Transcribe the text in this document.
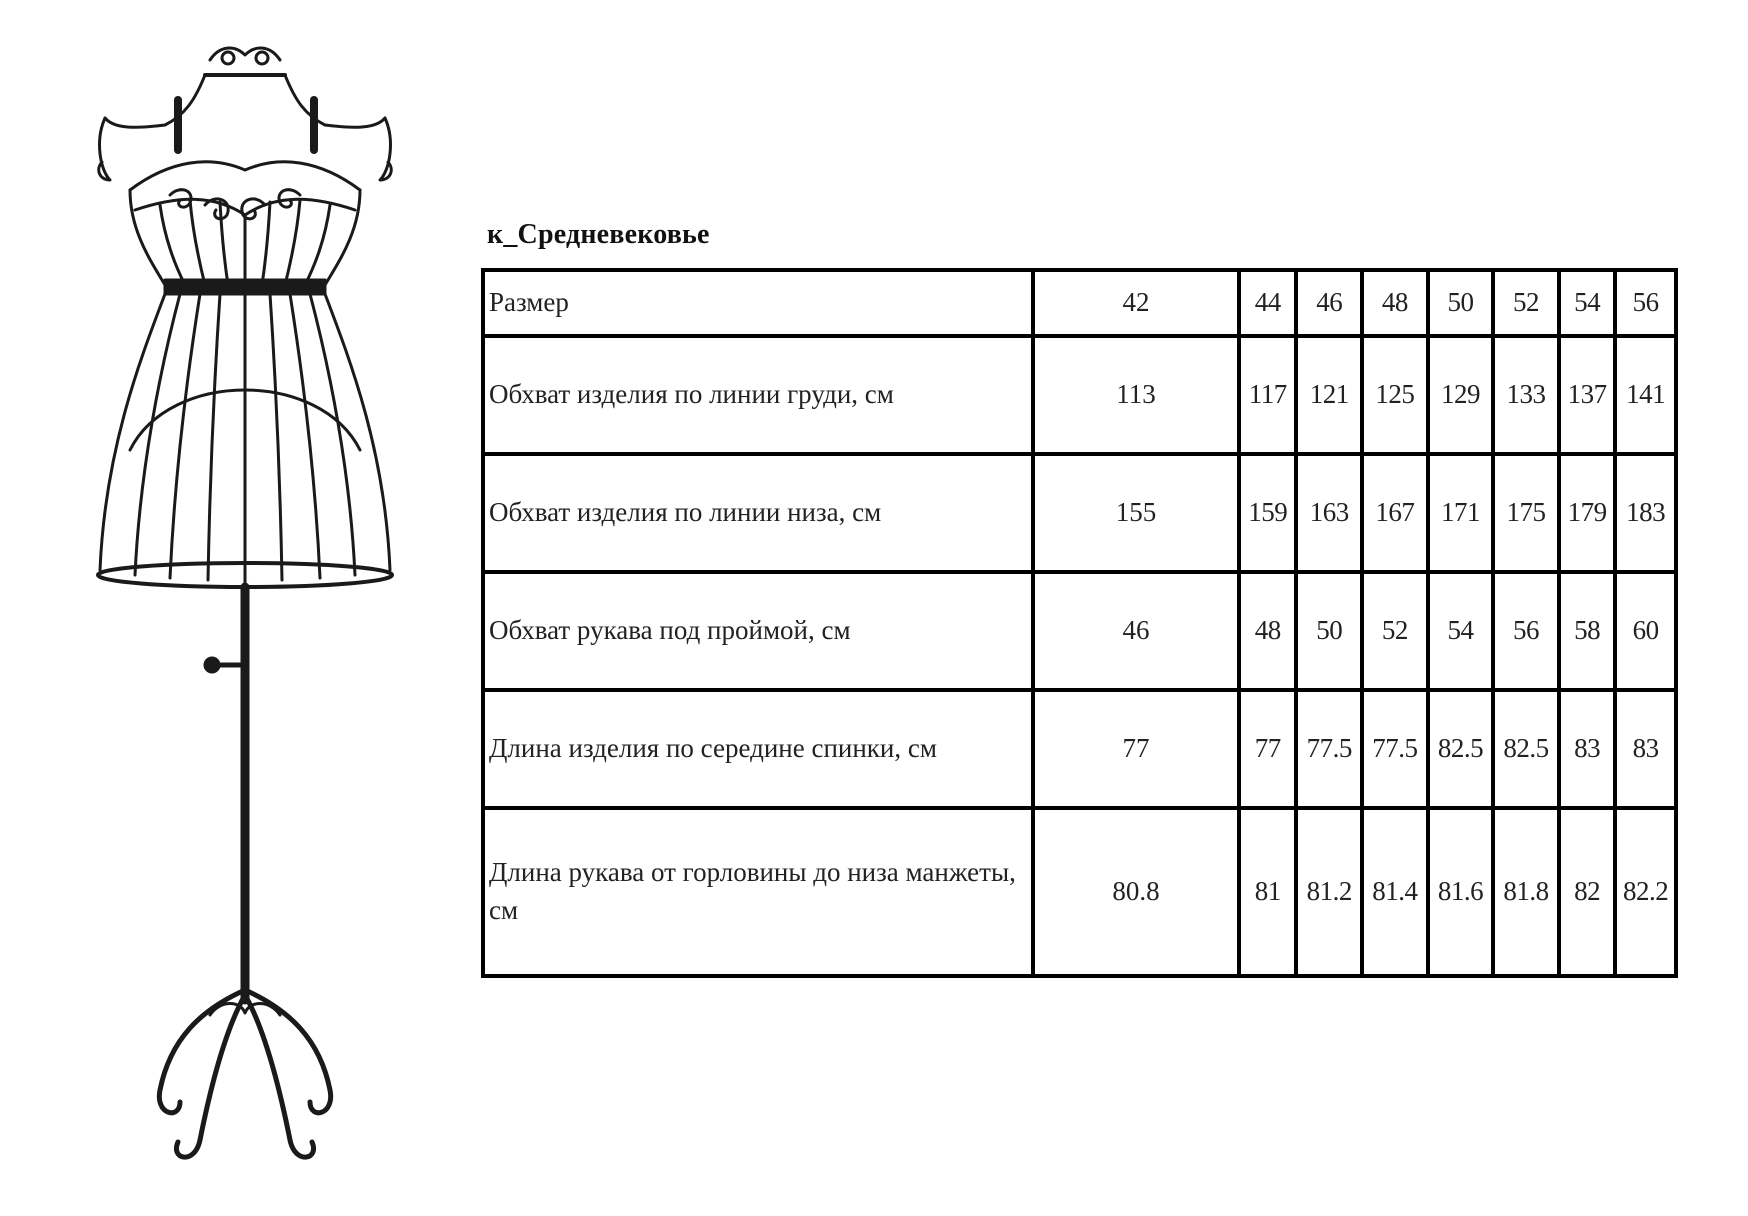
к_Средневековье
Размер	42	44	46	48	50	52	54	56
Обхват изделия по линии груди, см	113	117	121	125	129	133	137	141
Обхват изделия по линии низа, см	155	159	163	167	171	175	179	183
Обхват рукава под проймой, см	46	48	50	52	54	56	58	60
Длина изделия по середине спинки, см	77	77	77.5	77.5	82.5	82.5	83	83
Длина рукава от горловины до низа манжеты, см	80.8	81	81.2	81.4	81.6	81.8	82	82.2
